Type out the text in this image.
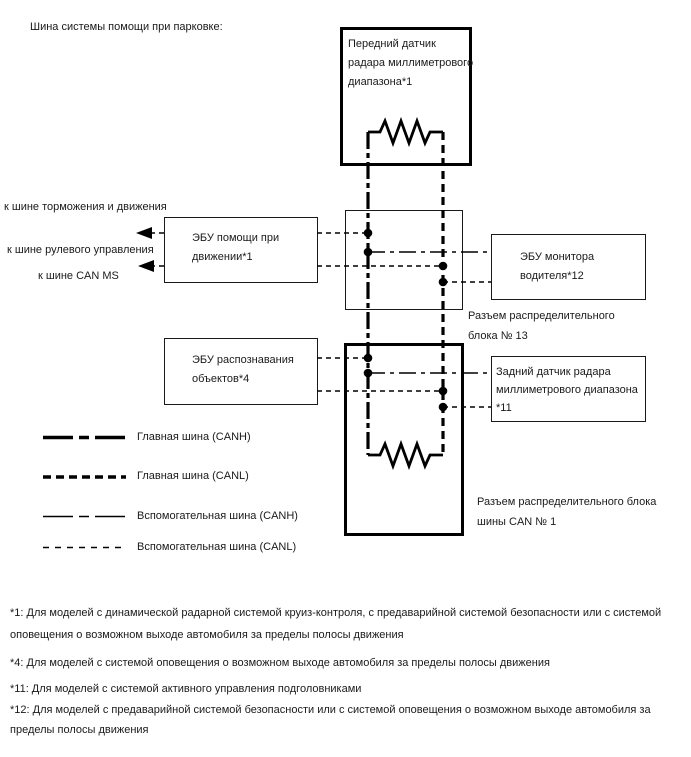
Шина системы помощи при парковке:
к шине торможения и движения
к шине рулевого управления
к шине CAN MS
Передний датчик
радара миллиметрового
диапазона*1
ЭБУ помощи при
движении*1	ЭБУ монитора
водителя*12
ЭБУ распознавания
объектов*4
Задний датчик радара
миллиметрового диапазона
*11
Разъем распределительного
блока № 13
Разъем распределительного блока
шины CAN № 1
Главная шина (CANH)
Главная шина (CANL)
Вспомогательная шина (CANH)
Вспомогательная шина (CANL)
*1: Для моделей с динамической радарной системой круиз-контроля, с предаварийной системой безопасности или с системой
оповещения о возможном выходе автомобиля за пределы полосы движения
*4: Для моделей с системой оповещения о возможном выходе автомобиля за пределы полосы движения
*11: Для моделей с системой активного управления подголовниками
*12: Для моделей с предаварийной системой безопасности или с системой оповещения о возможном выходе автомобиля за
пределы полосы движения
